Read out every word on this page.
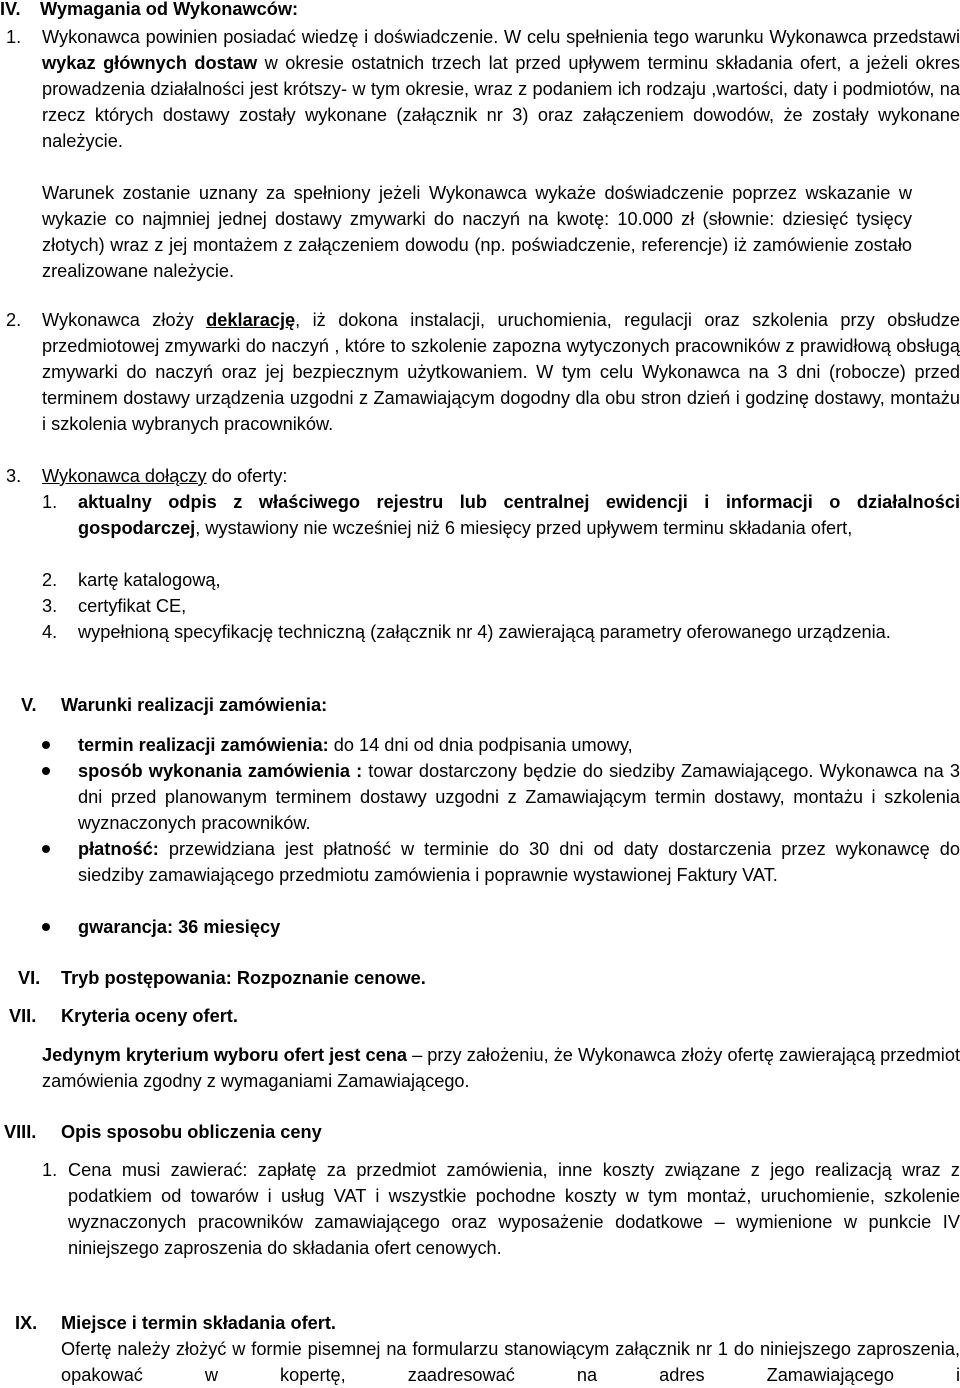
IV. Wymagania od Wykonawców:
1. Wykonawca powinien posiadać wiedzę i doświadczenie. W celu spełnienia tego warunku Wykonawca przedstawi wykaz głównych dostaw w okresie ostatnich trzech lat przed upływem terminu składania ofert, a jeżeli okres prowadzenia działalności jest krótszy- w tym okresie, wraz z podaniem ich rodzaju ,wartości, daty i podmiotów, na rzecz których dostawy zostały wykonane (załącznik nr 3) oraz załączeniem dowodów, że zostały wykonane należycie.
Warunek zostanie uznany za spełniony jeżeli Wykonawca wykaże doświadczenie poprzez wskazanie w wykazie co najmniej jednej dostawy zmywarki do naczyń na kwotę: 10.000 zł (słownie: dziesięć tysięcy złotych) wraz z jej montażem z załączeniem dowodu (np. poświadczenie, referencje) iż zamówienie zostało zrealizowane należycie.
2. Wykonawca złoży deklarację, iż dokona instalacji, uruchomienia, regulacji oraz szkolenia przy obsłudze przedmiotowej zmywarki do naczyń , które to szkolenie zapozna wytyczonych pracowników z prawidłową obsługą zmywarki do naczyń oraz jej bezpiecznym użytkowaniem. W tym celu Wykonawca na 3 dni (robocze) przed terminem dostawy urządzenia uzgodni z Zamawiającym dogodny dla obu stron dzień i godzinę dostawy, montażu i szkolenia wybranych pracowników.
3. Wykonawca dołączy do oferty:
1. aktualny odpis z właściwego rejestru lub centralnej ewidencji i informacji o działalności gospodarczej, wystawiony nie wcześniej niż 6 miesięcy przed upływem terminu składania ofert,
2. kartę katalogową,
3. certyfikat CE,
4. wypełnioną specyfikację techniczną (załącznik nr 4) zawierającą parametry oferowanego urządzenia.
V. Warunki realizacji zamówienia:
termin realizacji zamówienia: do 14 dni od dnia podpisania umowy,
sposób wykonania zamówienia : towar dostarczony będzie do siedziby Zamawiającego. Wykonawca na 3 dni przed planowanym terminem dostawy uzgodni z Zamawiającym termin dostawy, montażu i szkolenia wyznaczonych pracowników.
płatność: przewidziana jest płatność w terminie do 30 dni od daty dostarczenia przez wykonawcę do siedziby zamawiającego przedmiotu zamówienia i poprawnie wystawionej Faktury VAT.
gwarancja: 36 miesięcy
VI. Tryb postępowania: Rozpoznanie cenowe.
VII. Kryteria oceny ofert.
Jedynym kryterium wyboru ofert jest cena – przy założeniu, że Wykonawca złoży ofertę zawierającą przedmiot zamówienia zgodny z wymaganiami Zamawiającego.
VIII. Opis sposobu obliczenia ceny
1. Cena musi zawierać: zapłatę za przedmiot zamówienia, inne koszty związane z jego realizacją wraz z podatkiem od towarów i usług VAT i wszystkie pochodne koszty w tym montaż, uruchomienie, szkolenie wyznaczonych pracowników zamawiającego oraz wyposażenie dodatkowe – wymienione w punkcie IV niniejszego zaproszenia do składania ofert cenowych.
IX. Miejsce i termin składania ofert.
Ofertę należy złożyć w formie pisemnej na formularzu stanowiącym załącznik nr 1 do niniejszego zaproszenia, opakować w kopertę, zaadresować na adres Zamawiającego i
